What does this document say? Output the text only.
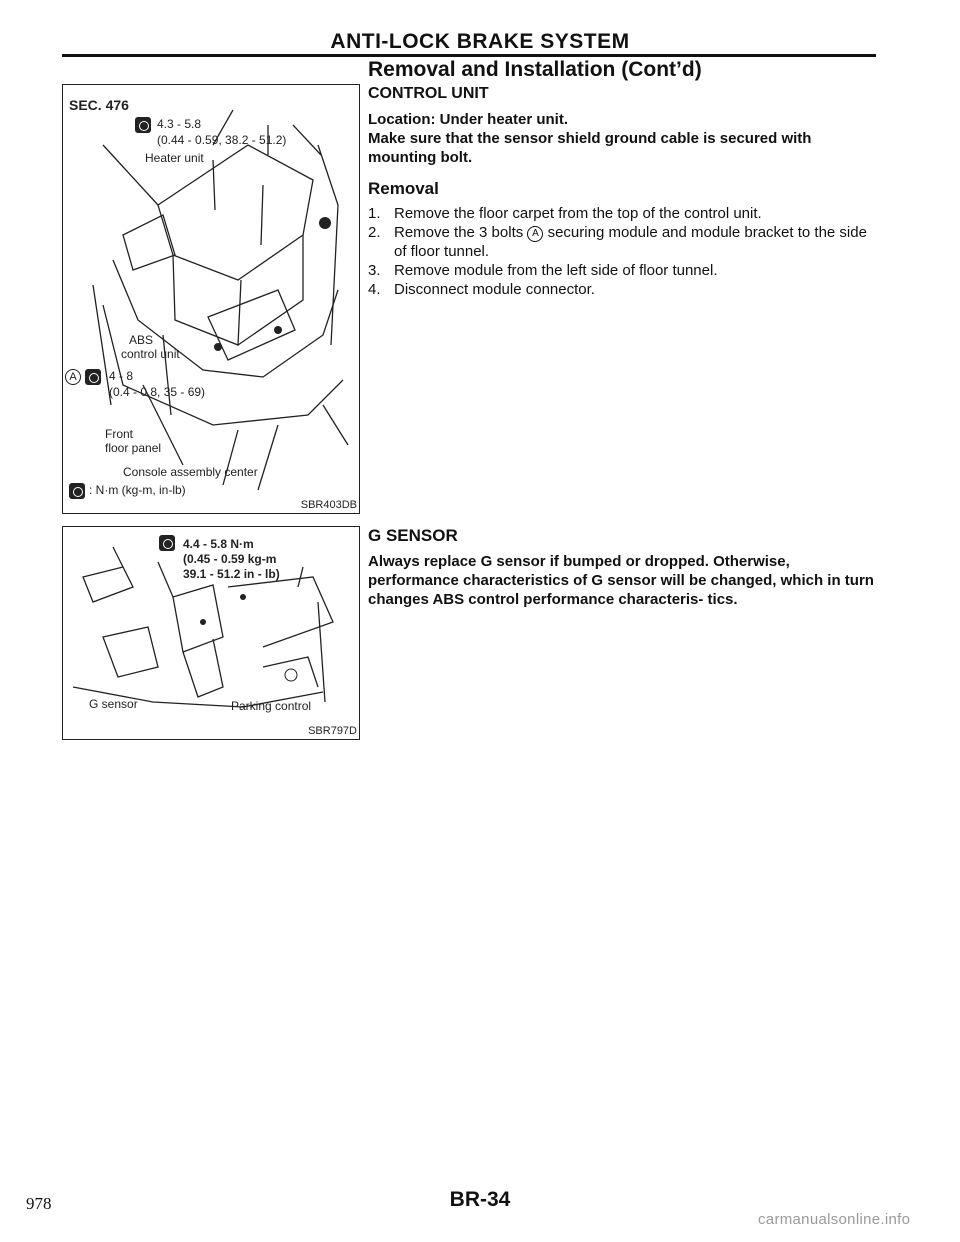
ANTI-LOCK BRAKE SYSTEM
Removal and Installation (Cont’d)
CONTROL UNIT
Location: Under heater unit.
Make sure that the sensor shield ground cable is secured with mounting bolt.
Removal
1. Remove the floor carpet from the top of the control unit.
2. Remove the 3 bolts A securing module and module bracket to the side of floor tunnel.
3. Remove module from the left side of floor tunnel.
4. Disconnect module connector.
G SENSOR
Always replace G sensor if bumped or dropped. Otherwise, performance characteristics of G sensor will be changed, which in turn changes ABS control performance characteris- tics.
SEC. 476
4.3 - 5.8
(0.44 - 0.59, 38.2 - 51.2)
Heater unit
ABS
control unit
A	4 - 8
(0.4 - 0.8, 35 - 69)
Front
floor panel
Console assembly center
: N·m (kg-m, in-lb)
SBR403DB
4.4 - 5.8 N·m
(0.45 - 0.59 kg-m
39.1 - 51.2 in - lb)
G sensor	Parking control
SBR797D
978	BR-34
carmanualsonline.info
